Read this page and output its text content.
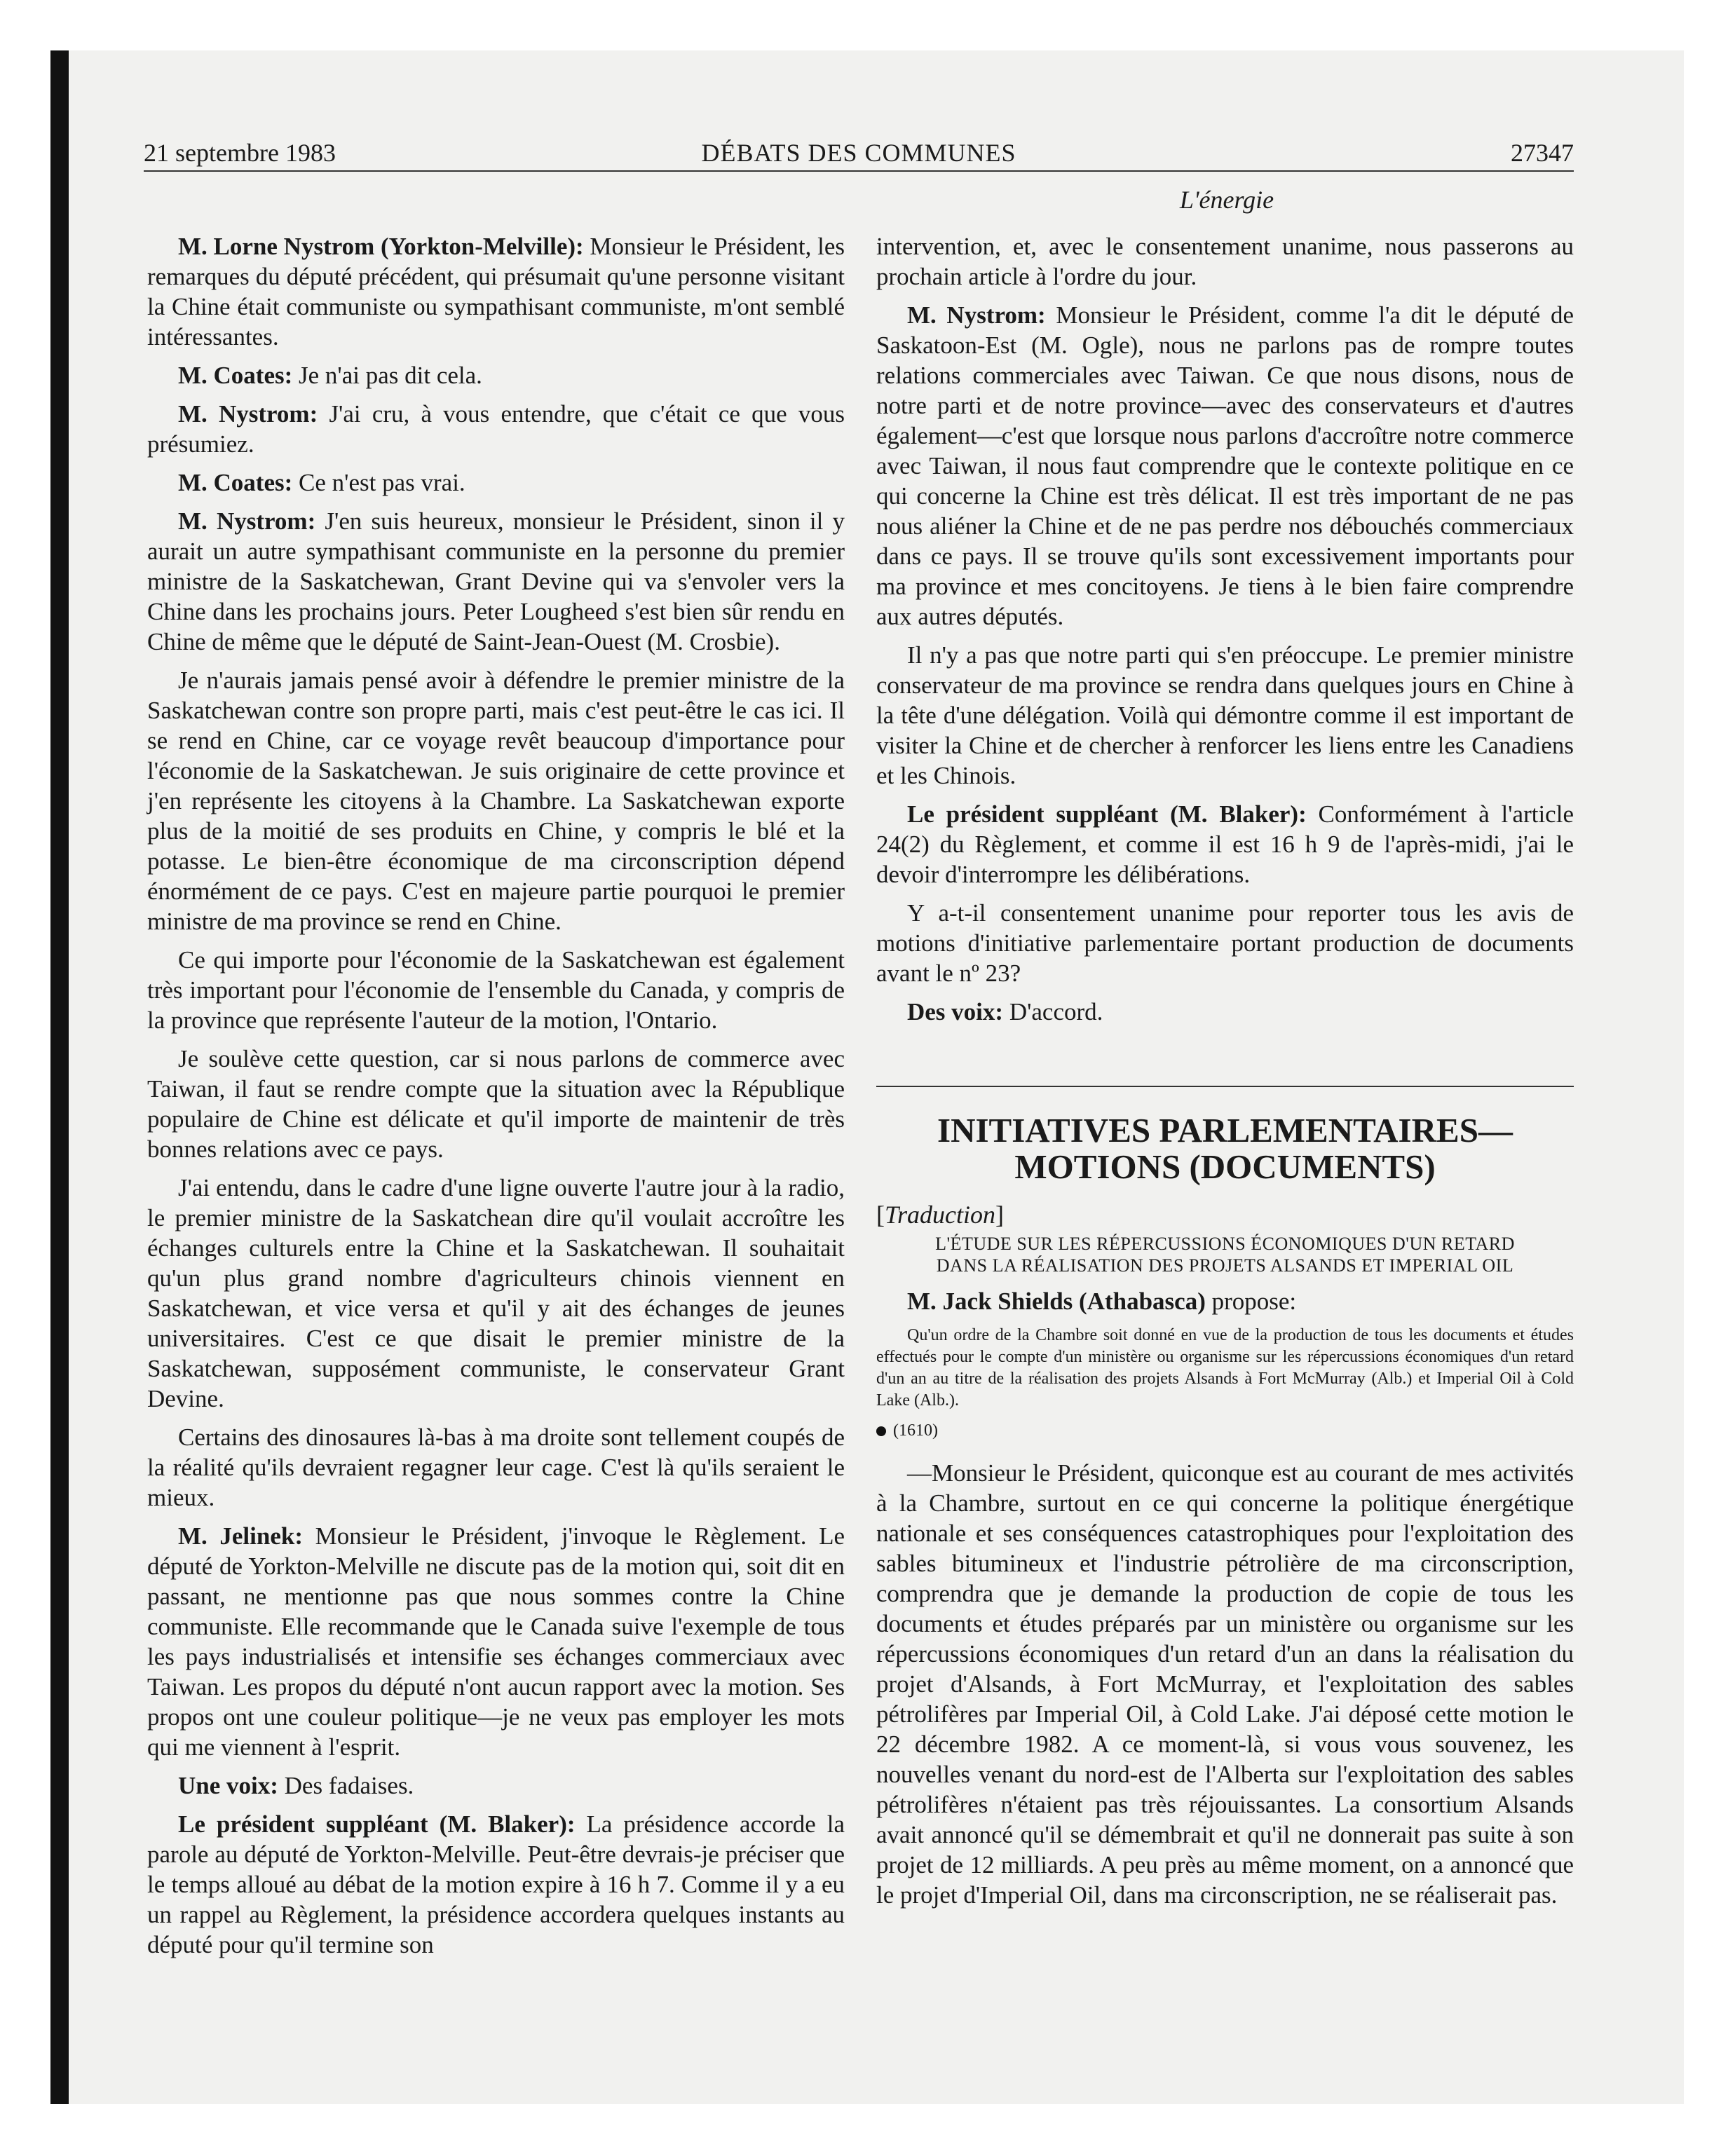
21 septembre 1983	DÉBATS DES COMMUNES	27347
L'énergie

M. Lorne Nystrom (Yorkton-Melville): Monsieur le Président, les remarques du député précédent, qui présumait qu'une personne visitant la Chine était communiste ou sympathisant communiste, m'ont semblé intéressantes.

M. Coates: Je n'ai pas dit cela.

M. Nystrom: J'ai cru, à vous entendre, que c'était ce que vous présumiez.

M. Coates: Ce n'est pas vrai.

M. Nystrom: J'en suis heureux, monsieur le Président, sinon il y aurait un autre sympathisant communiste en la personne du premier ministre de la Saskatchewan, Grant Devine qui va s'envoler vers la Chine dans les prochains jours. Peter Lougheed s'est bien sûr rendu en Chine de même que le député de Saint-Jean-Ouest (M. Crosbie).

Je n'aurais jamais pensé avoir à défendre le premier ministre de la Saskatchewan contre son propre parti, mais c'est peut-être le cas ici. Il se rend en Chine, car ce voyage revêt beaucoup d'importance pour l'économie de la Saskatchewan. Je suis originaire de cette province et j'en représente les citoyens à la Chambre. La Saskatchewan exporte plus de la moitié de ses produits en Chine, y compris le blé et la potasse. Le bien-être économique de ma circonscription dépend énormément de ce pays. C'est en majeure partie pourquoi le premier ministre de ma province se rend en Chine.

Ce qui importe pour l'économie de la Saskatchewan est également très important pour l'économie de l'ensemble du Canada, y compris de la province que représente l'auteur de la motion, l'Ontario.

Je soulève cette question, car si nous parlons de commerce avec Taiwan, il faut se rendre compte que la situation avec la République populaire de Chine est délicate et qu'il importe de maintenir de très bonnes relations avec ce pays.

J'ai entendu, dans le cadre d'une ligne ouverte l'autre jour à la radio, le premier ministre de la Saskatchean dire qu'il voulait accroître les échanges culturels entre la Chine et la Saskatchewan. Il souhaitait qu'un plus grand nombre d'agriculteurs chinois viennent en Saskatchewan, et vice versa et qu'il y ait des échanges de jeunes universitaires. C'est ce que disait le premier ministre de la Saskatchewan, supposément communiste, le conservateur Grant Devine.

Certains des dinosaures là-bas à ma droite sont tellement coupés de la réalité qu'ils devraient regagner leur cage. C'est là qu'ils seraient le mieux.

M. Jelinek: Monsieur le Président, j'invoque le Règlement. Le député de Yorkton-Melville ne discute pas de la motion qui, soit dit en passant, ne mentionne pas que nous sommes contre la Chine communiste. Elle recommande que le Canada suive l'exemple de tous les pays industrialisés et intensifie ses échanges commerciaux avec Taiwan. Les propos du député n'ont aucun rapport avec la motion. Ses propos ont une couleur politique—je ne veux pas employer les mots qui me viennent à l'esprit.

Une voix: Des fadaises.

Le président suppléant (M. Blaker): La présidence accorde la parole au député de Yorkton-Melville. Peut-être devrais-je préciser que le temps alloué au débat de la motion expire à 16 h 7. Comme il y a eu un rappel au Règlement, la présidence accordera quelques instants au député pour qu'il termine son

intervention, et, avec le consentement unanime, nous passerons au prochain article à l'ordre du jour.

M. Nystrom: Monsieur le Président, comme l'a dit le député de Saskatoon-Est (M. Ogle), nous ne parlons pas de rompre toutes relations commerciales avec Taiwan. Ce que nous disons, nous de notre parti et de notre province—avec des conservateurs et d'autres également—c'est que lorsque nous parlons d'accroître notre commerce avec Taiwan, il nous faut comprendre que le contexte politique en ce qui concerne la Chine est très délicat. Il est très important de ne pas nous aliéner la Chine et de ne pas perdre nos débouchés commerciaux dans ce pays. Il se trouve qu'ils sont excessivement importants pour ma province et mes concitoyens. Je tiens à le bien faire comprendre aux autres députés.

Il n'y a pas que notre parti qui s'en préoccupe. Le premier ministre conservateur de ma province se rendra dans quelques jours en Chine à la tête d'une délégation. Voilà qui démontre comme il est important de visiter la Chine et de chercher à renforcer les liens entre les Canadiens et les Chinois.

Le président suppléant (M. Blaker): Conformément à l'article 24(2) du Règlement, et comme il est 16 h 9 de l'après-midi, j'ai le devoir d'interrompre les délibérations.

Y a-t-il consentement unanime pour reporter tous les avis de motions d'initiative parlementaire portant production de documents avant le nº 23?

Des voix: D'accord.

INITIATIVES PARLEMENTAIRES—
MOTIONS (DOCUMENTS)
[Traduction]
L'ÉTUDE SUR LES RÉPERCUSSIONS ÉCONOMIQUES D'UN RETARD
DANS LA RÉALISATION DES PROJETS ALSANDS ET IMPERIAL OIL

M. Jack Shields (Athabasca) propose:

Qu'un ordre de la Chambre soit donné en vue de la production de tous les documents et études effectués pour le compte d'un ministère ou organisme sur les répercussions économiques d'un retard d'un an au titre de la réalisation des projets Alsands à Fort McMurray (Alb.) et Imperial Oil à Cold Lake (Alb.).

(1610)

—Monsieur le Président, quiconque est au courant de mes activités à la Chambre, surtout en ce qui concerne la politique énergétique nationale et ses conséquences catastrophiques pour l'exploitation des sables bitumineux et l'industrie pétrolière de ma circonscription, comprendra que je demande la production de copie de tous les documents et études préparés par un ministère ou organisme sur les répercussions économiques d'un retard d'un an dans la réalisation du projet d'Alsands, à Fort McMurray, et l'exploitation des sables pétrolifères par Imperial Oil, à Cold Lake. J'ai déposé cette motion le 22 décembre 1982. A ce moment-là, si vous vous souvenez, les nouvelles venant du nord-est de l'Alberta sur l'exploitation des sables pétrolifères n'étaient pas très réjouissantes. La consortium Alsands avait annoncé qu'il se démembrait et qu'il ne donnerait pas suite à son projet de 12 milliards. A peu près au même moment, on a annoncé que le projet d'Imperial Oil, dans ma circonscription, ne se réaliserait pas.
